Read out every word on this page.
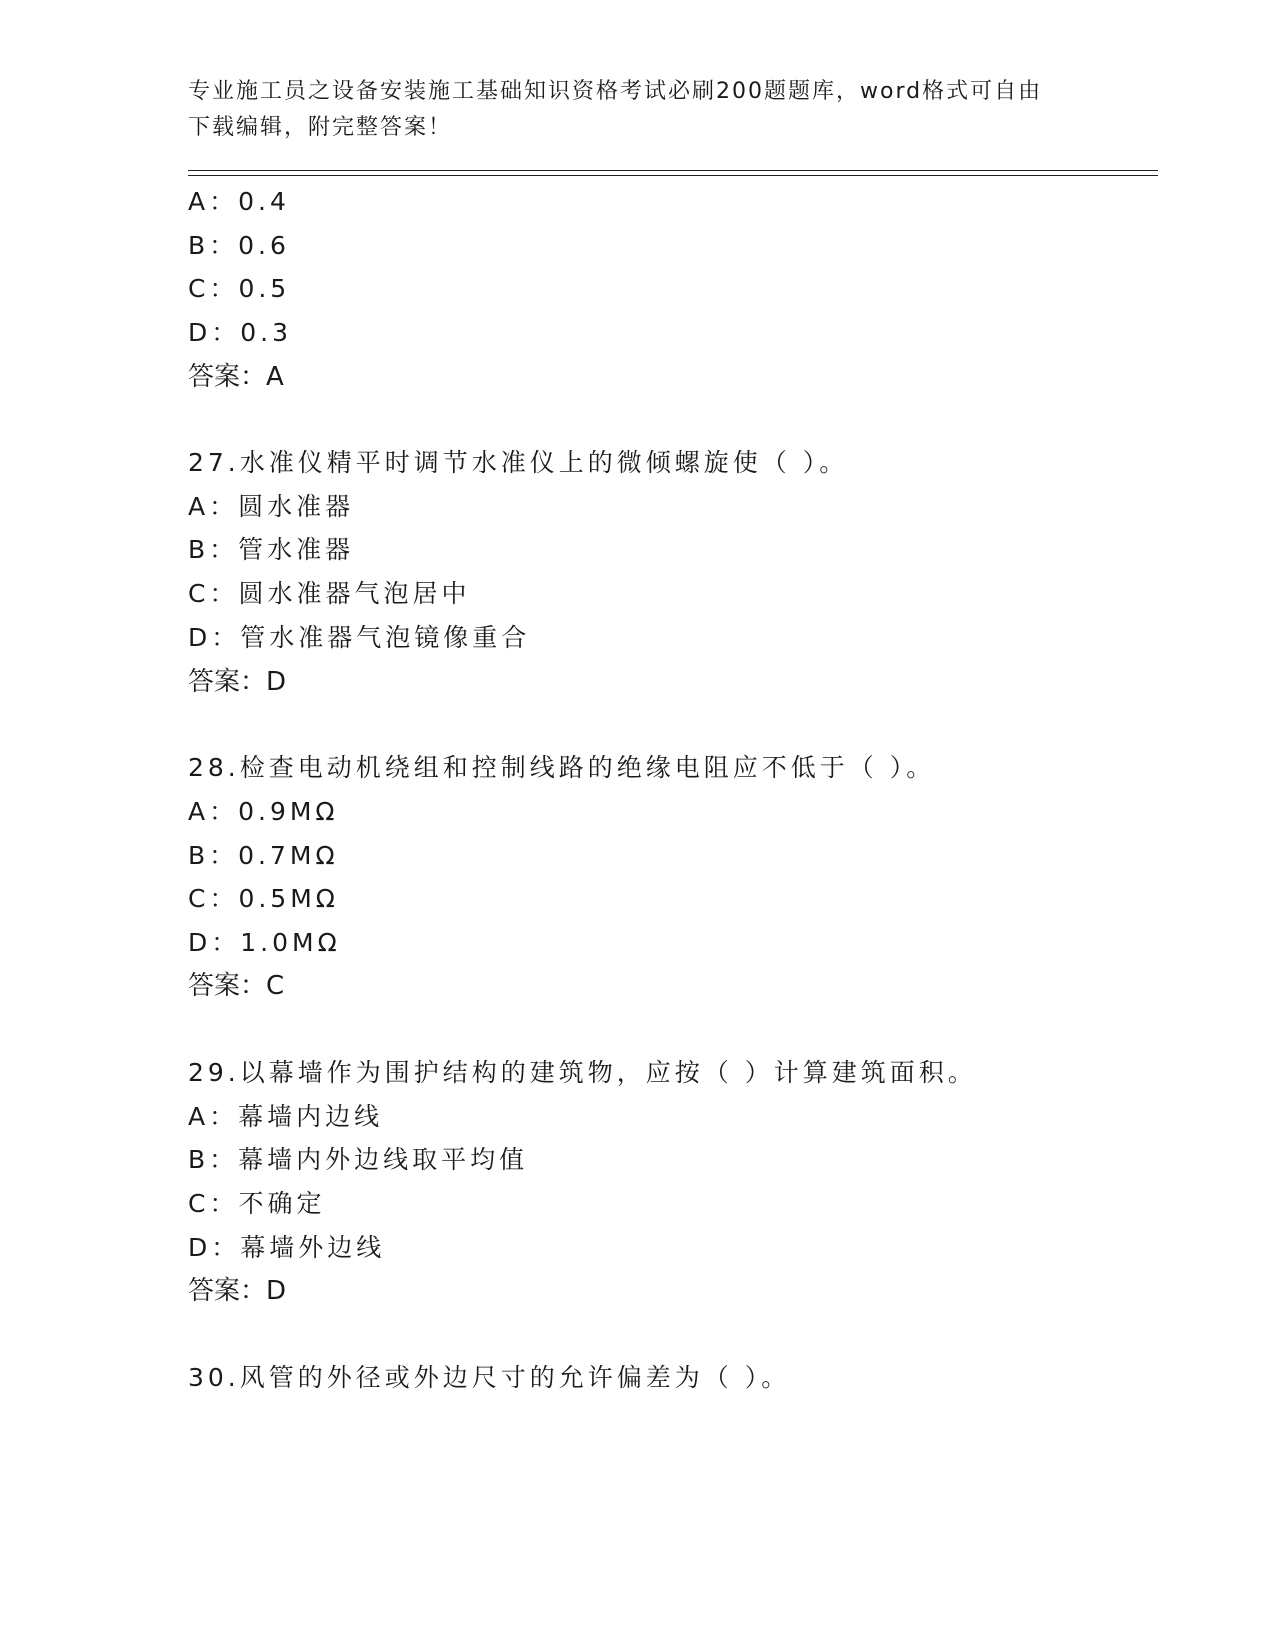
专业施工员之设备安装施工基础知识资格考试必刷200题题库，word格式可自由
下载编辑，附完整答案！
A：0.4
B：0.6
C：0.5
D：0.3
答案：A
27.水准仪精平时调节水准仪上的微倾螺旋使（ ）。
A：圆水准器
B：管水准器
C：圆水准器气泡居中
D：管水准器气泡镜像重合
答案：D
28.检查电动机绕组和控制线路的绝缘电阻应不低于（ ）。
A：0.9MΩ
B：0.7MΩ
C：0.5MΩ
D：1.0MΩ
答案：C
29.以幕墙作为围护结构的建筑物，应按（ ）计算建筑面积。
A：幕墙内边线
B：幕墙内外边线取平均值
C：不确定
D：幕墙外边线
答案：D
30.风管的外径或外边尺寸的允许偏差为（ ）。
